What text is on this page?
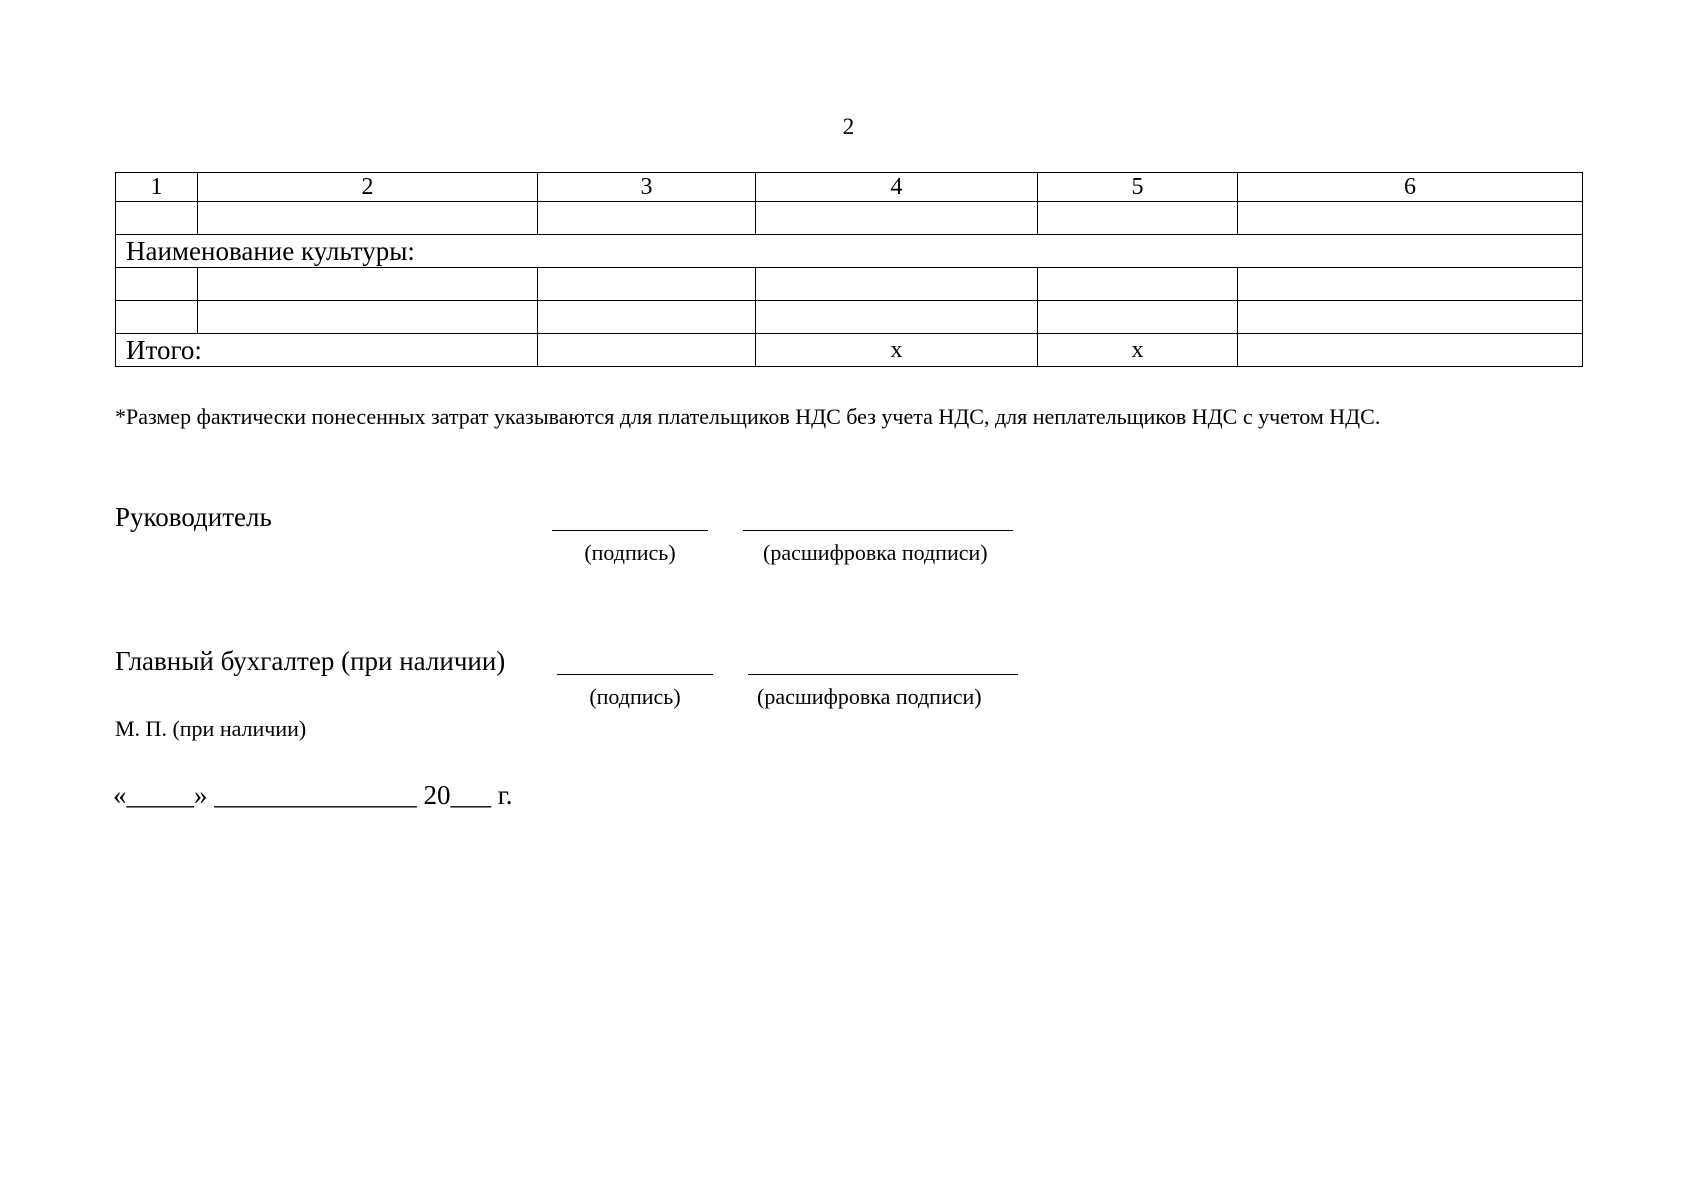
2
1	2	3	4	5	6

Наименование культуры:					

Итого:			х	х	
*Размер фактически понесенных затрат указываются для плательщиков НДС без учета НДС, для неплательщиков НДС с учетом НДС.
Руководитель
(подпись)	(расшифровка подписи)
Главный бухгалтер (при наличии)
(подпись)	(расшифровка подписи)
М. П. (при наличии)
«_____» _______________ 20___ г.
